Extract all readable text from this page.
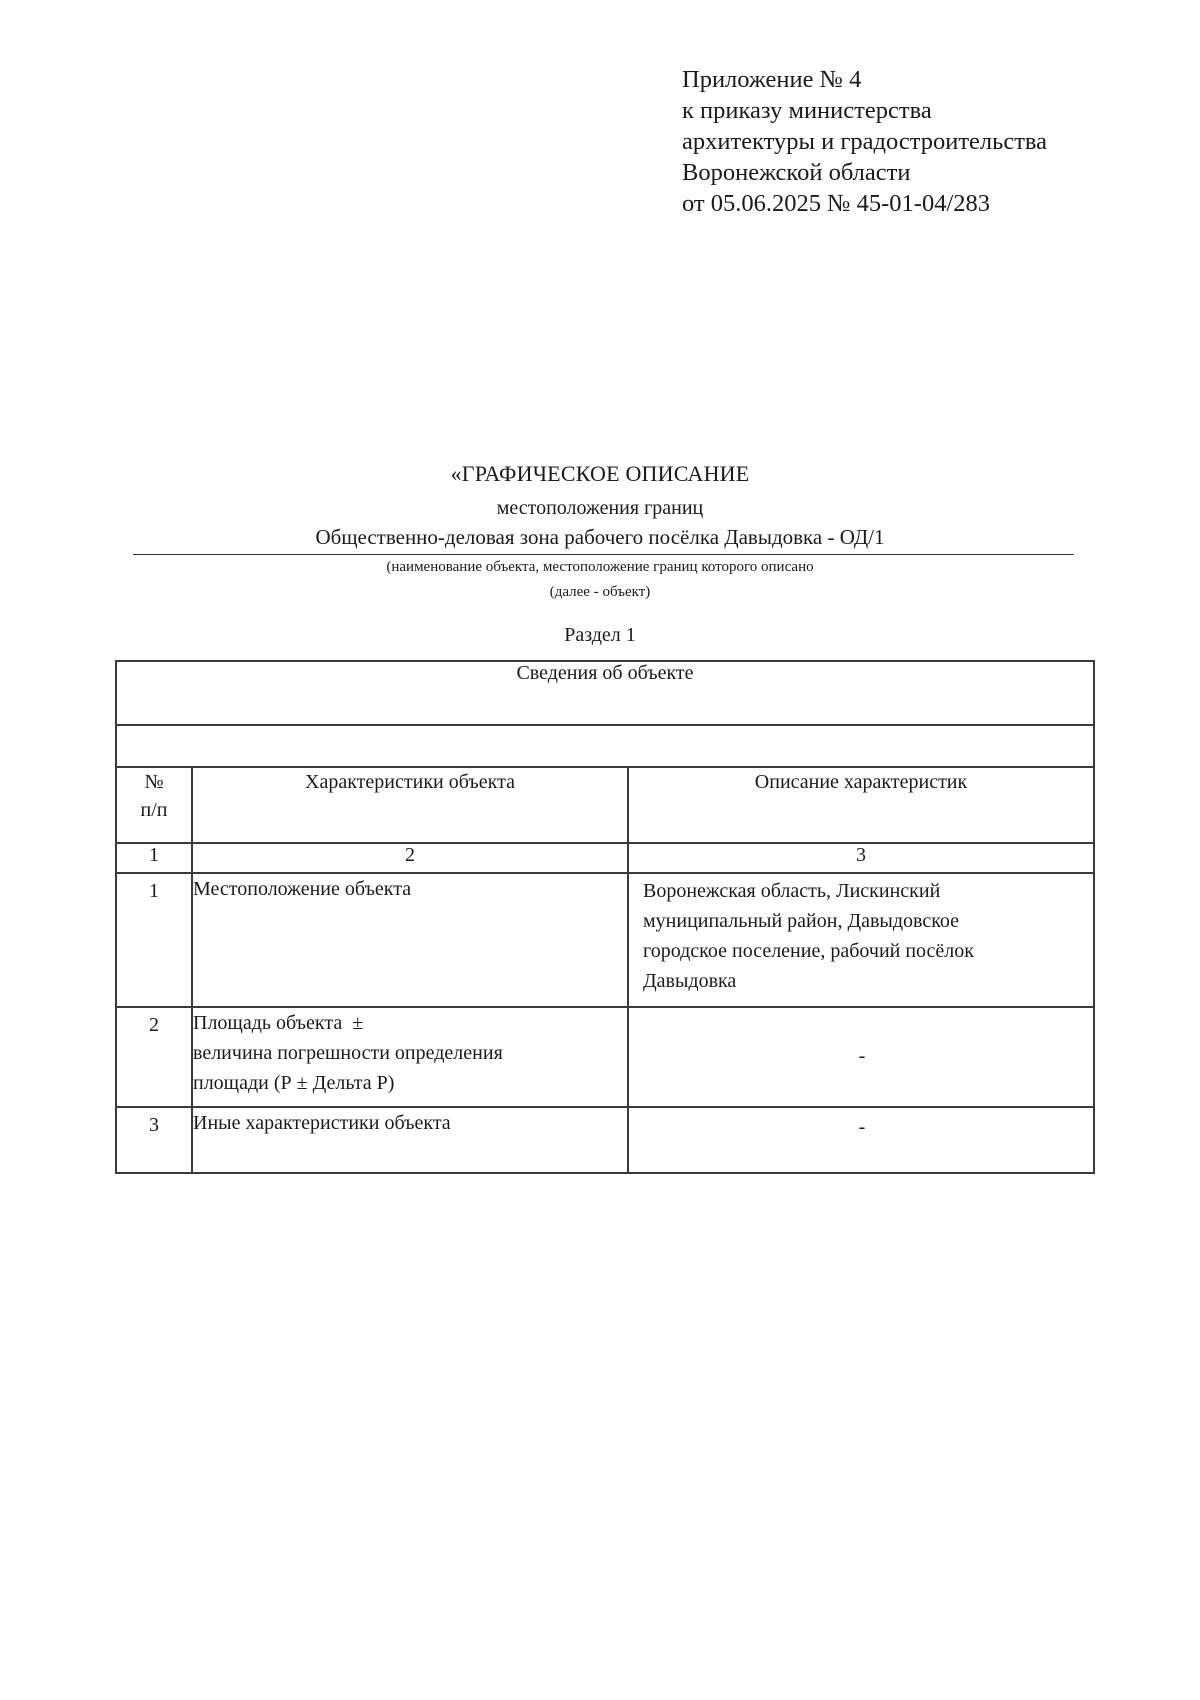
Приложение № 4
к приказу министерства
архитектуры и градостроительства
Воронежской области
от 05.06.2025 № 45-01-04/283
«ГРАФИЧЕСКОЕ ОПИСАНИЕ
местоположения границ
Общественно-деловая зона рабочего посёлка Давыдовка - ОД/1
(наименование объекта, местоположение границ которого описано
(далее - объект)
Раздел 1
Сведения об объекте		

№
п/п	Характеристики объекта	Описание характеристик
1	2	3
1	Местоположение объекта	Воронежская область, Лискинский
муниципальный район, Давыдовское
городское поселение, рабочий посёлок
Давыдовка

2	Площадь объекта  ±
величина погрешности определения
площади (Р ± Дельта Р)	-

3	Иные характеристики объекта	-
